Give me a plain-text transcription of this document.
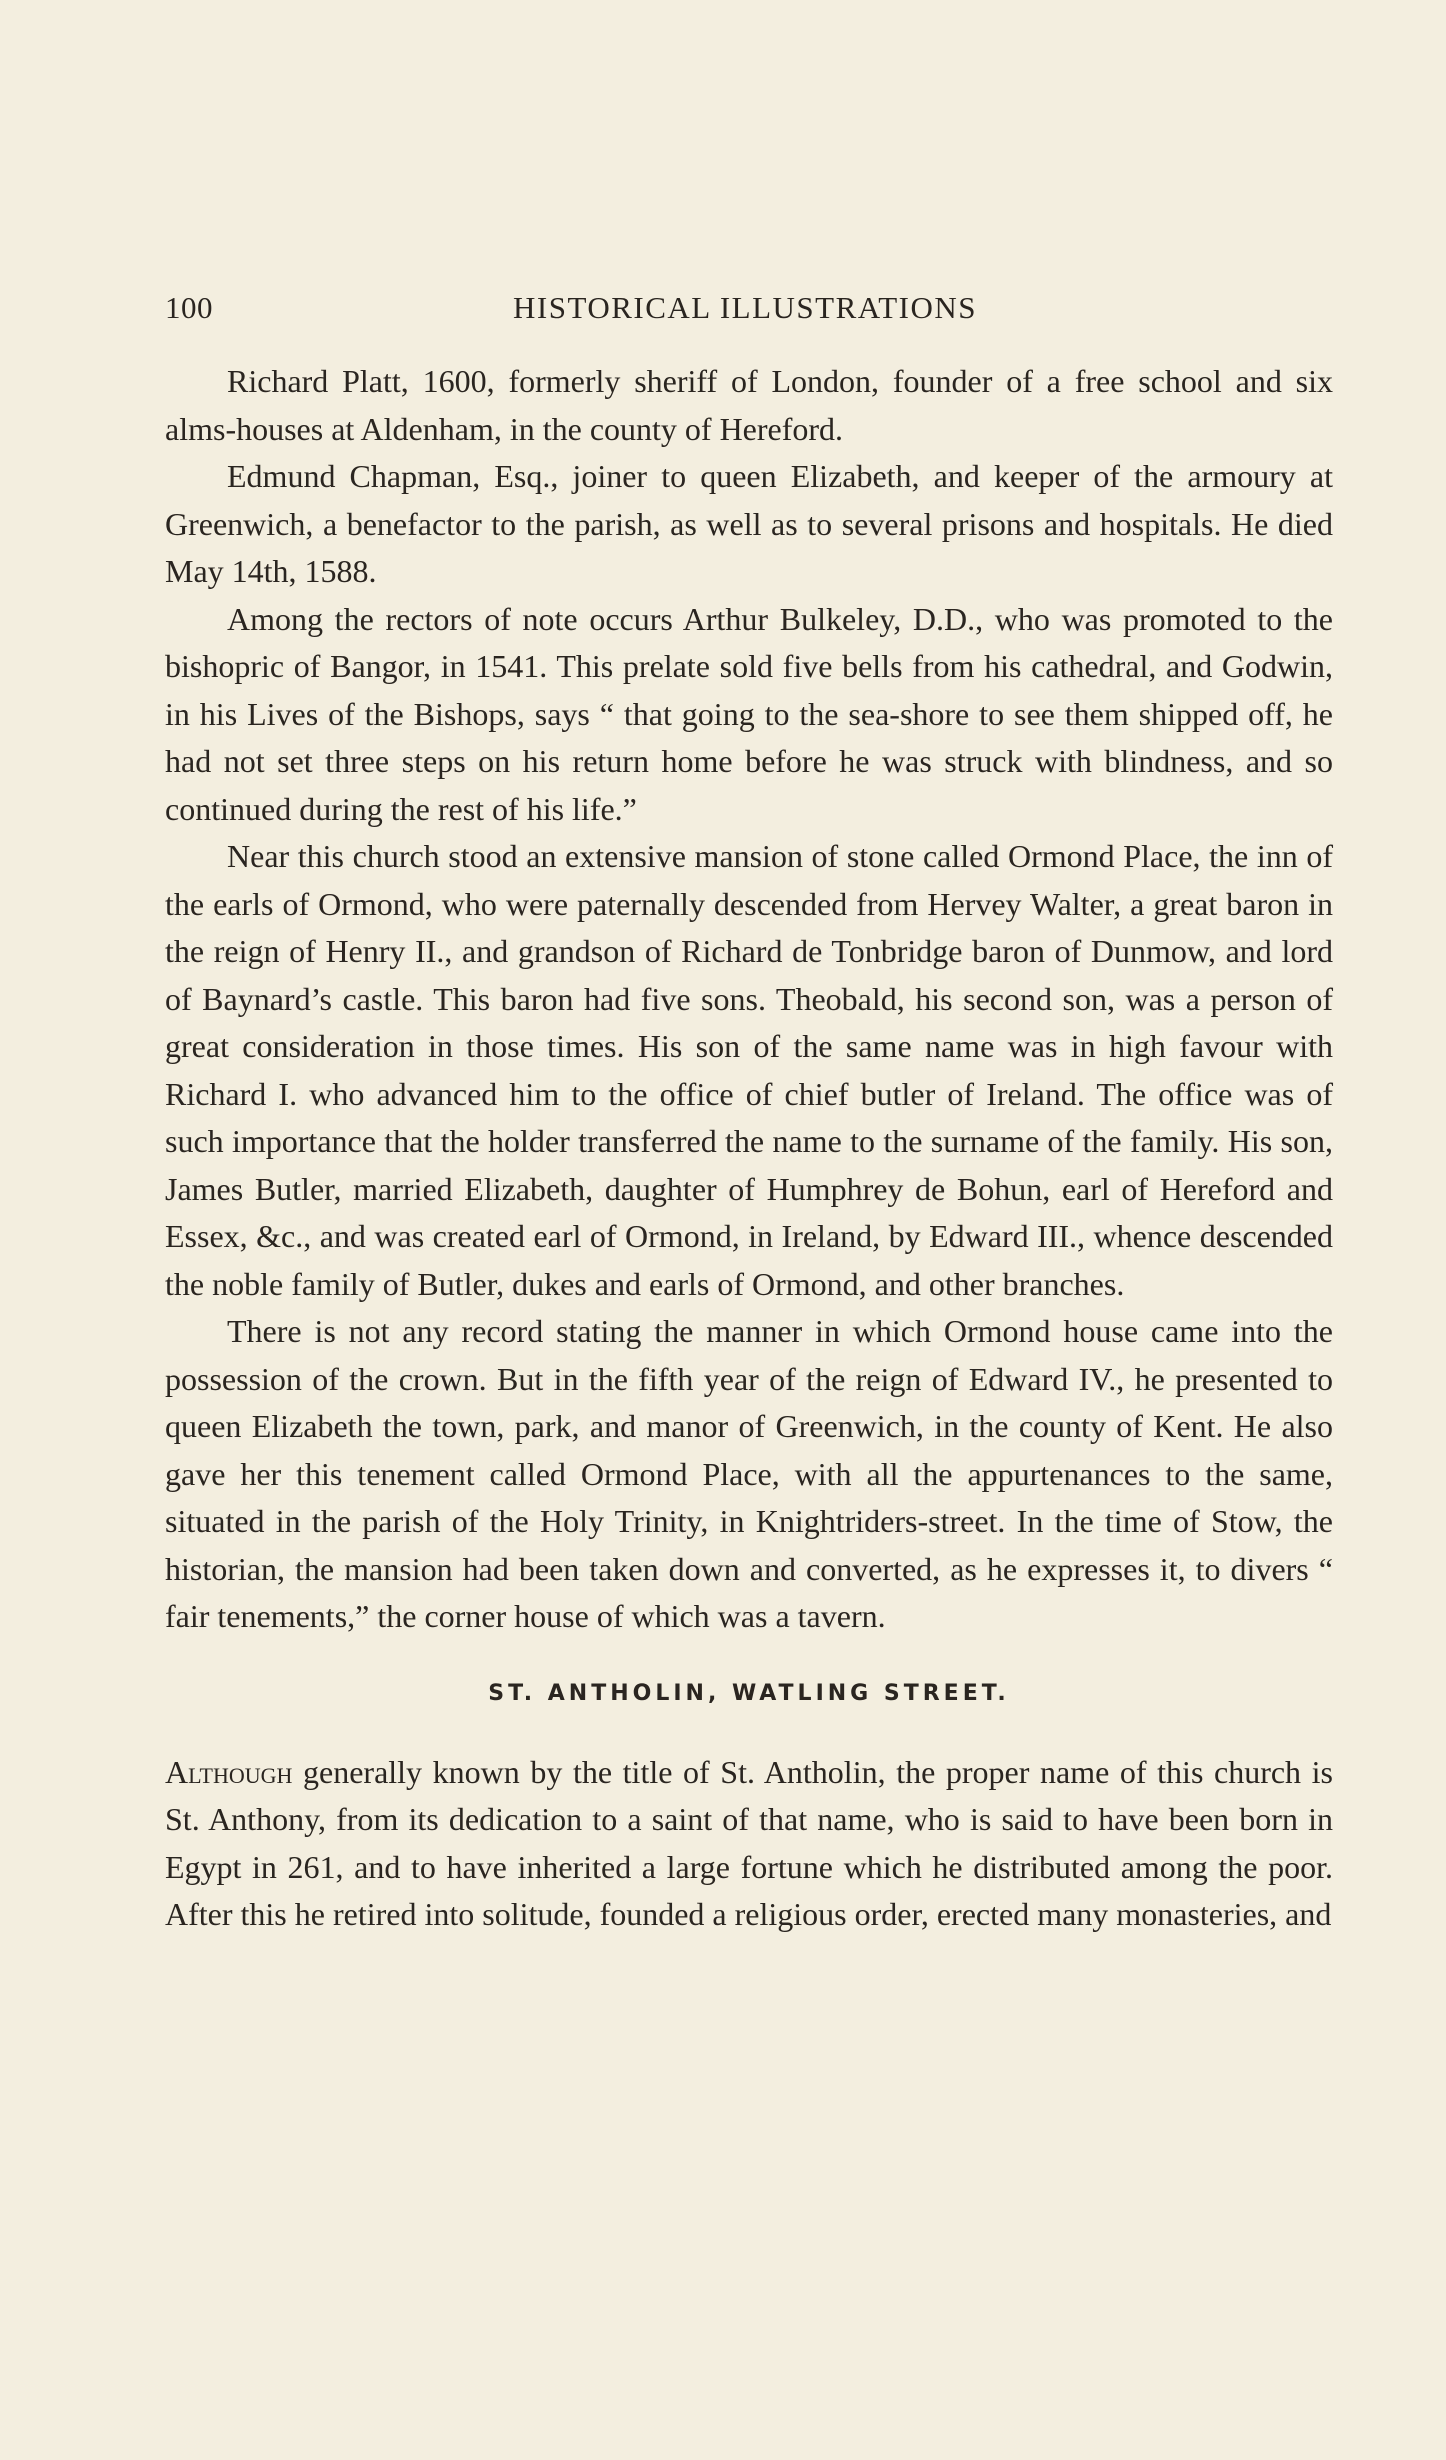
100	HISTORICAL ILLUSTRATIONS

Richard Platt, 1600, formerly sheriff of London, founder of a free school and six alms-houses at Aldenham, in the county of Hereford.

Edmund Chapman, Esq., joiner to queen Elizabeth, and keeper of the armoury at Greenwich, a benefactor to the parish, as well as to several prisons and hospitals. He died May 14th, 1588.

Among the rectors of note occurs Arthur Bulkeley, D.D., who was promoted to the bishopric of Bangor, in 1541. This prelate sold five bells from his cathedral, and Godwin, in his Lives of the Bishops, says “ that going to the sea-shore to see them shipped off, he had not set three steps on his return home before he was struck with blindness, and so continued during the rest of his life.”

Near this church stood an extensive mansion of stone called Ormond Place, the inn of the earls of Ormond, who were paternally descended from Hervey Walter, a great baron in the reign of Henry II., and grandson of Richard de Tonbridge baron of Dunmow, and lord of Baynard’s castle. This baron had five sons. Theobald, his second son, was a person of great consideration in those times. His son of the same name was in high favour with Richard I. who advanced him to the office of chief butler of Ireland. The office was of such importance that the holder transferred the name to the surname of the family. His son, James Butler, married Elizabeth, daughter of Humphrey de Bohun, earl of Hereford and Essex, &c., and was created earl of Ormond, in Ireland, by Edward III., whence descended the noble family of Butler, dukes and earls of Ormond, and other branches.

There is not any record stating the manner in which Ormond house came into the possession of the crown. But in the fifth year of the reign of Edward IV., he presented to queen Elizabeth the town, park, and manor of Greenwich, in the county of Kent. He also gave her this tenement called Ormond Place, with all the appurtenances to the same, situated in the parish of the Holy Trinity, in Knightriders-street. In the time of Stow, the historian, the mansion had been taken down and converted, as he expresses it, to divers “ fair tenements,” the corner house of which was a tavern.

ST. ANTHOLIN, WATLING STREET.

Although generally known by the title of St. Antholin, the proper name of this church is St. Anthony, from its dedication to a saint of that name, who is said to have been born in Egypt in 261, and to have inherited a large fortune which he distributed among the poor. After this he retired into solitude, founded a religious order, erected many monasteries, and
